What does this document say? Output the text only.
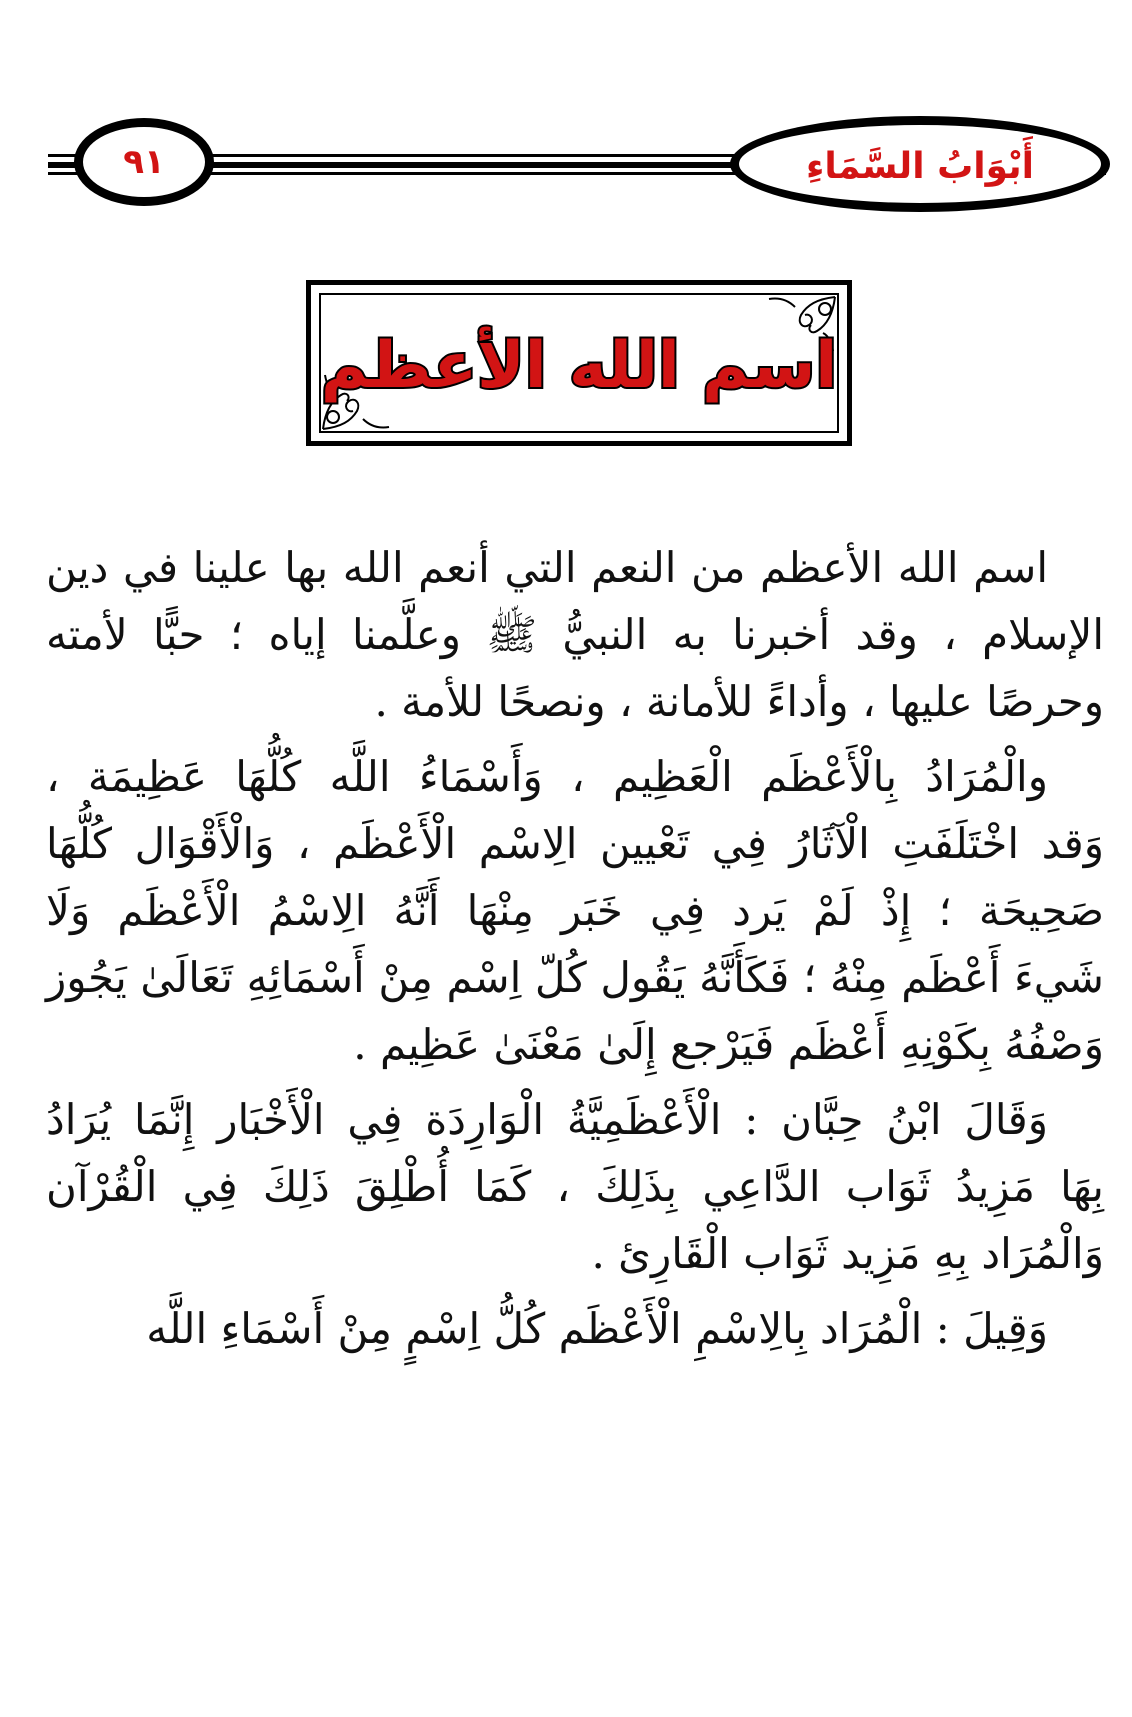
أَبْوَابُ السَّمَاءِ
٩١
اسم الله الأعظم
اسم الله الأعظم من النعم التي أنعم الله بها علينا في دين
الإسلام ، وقد أخبرنا به النبيُّ ﷺ وعلَّمنا إياه ؛ حبًّا لأمته
وحرصًا عليها ، وأداءً للأمانة ، ونصحًا للأمة .
والْمُرَادُ بِالْأَعْظَم الْعَظِيم ، وَأَسْمَاءُ اللَّه كُلُّهَا عَظِيمَة ،
وَقد اخْتَلَفَتِ الْآثَارُ فِي تَعْيين الِاسْم الْأَعْظَم ، وَالْأَقْوَال كُلُّهَا
صَحِيحَة ؛ إِذْ لَمْ يَرد فِي خَبَر مِنْهَا أَنَّهُ الِاسْمُ الْأَعْظَم وَلَا
شَيءَ أَعْظَم مِنْهُ ؛ فَكَأَنَّهُ يَقُول كُلّ اِسْم مِنْ أَسْمَائِهِ تَعَالَىٰ يَجُوز
وَصْفُهُ بِكَوْنِهِ أَعْظَم فَيَرْجع إِلَىٰ مَعْنَىٰ عَظِيم .
وَقَالَ ابْنُ حِبَّان : الْأَعْظَمِيَّةُ الْوَارِدَة فِي الْأَخْبَار إِنَّمَا يُرَادُ
بِهَا مَزِيدُ ثَوَاب الدَّاعِي بِذَلِكَ ، كَمَا أُطْلِقَ ذَلِكَ فِي الْقُرْآن
وَالْمُرَاد بِهِ مَزِيد ثَوَاب الْقَارِئ .
وَقِيلَ : الْمُرَاد بِالِاسْمِ الْأَعْظَم كُلُّ اِسْمٍ مِنْ أَسْمَاءِ اللَّه
